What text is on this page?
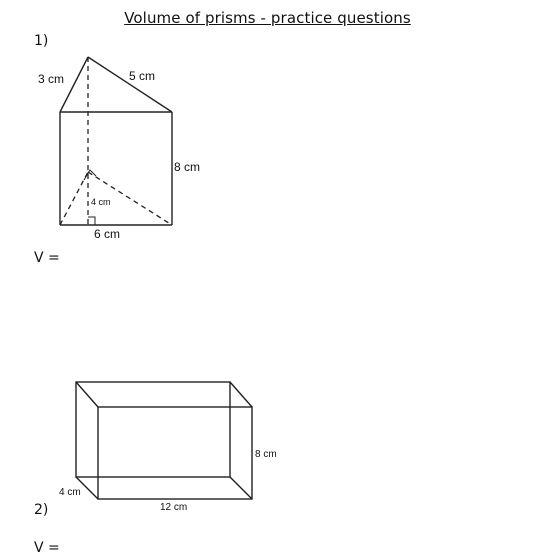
Volume of prisms - practice questions
1)
3 cm	5 cm
8 cm
4 cm
6 cm
V =
8 cm
4 cm
12 cm
2)
V =
